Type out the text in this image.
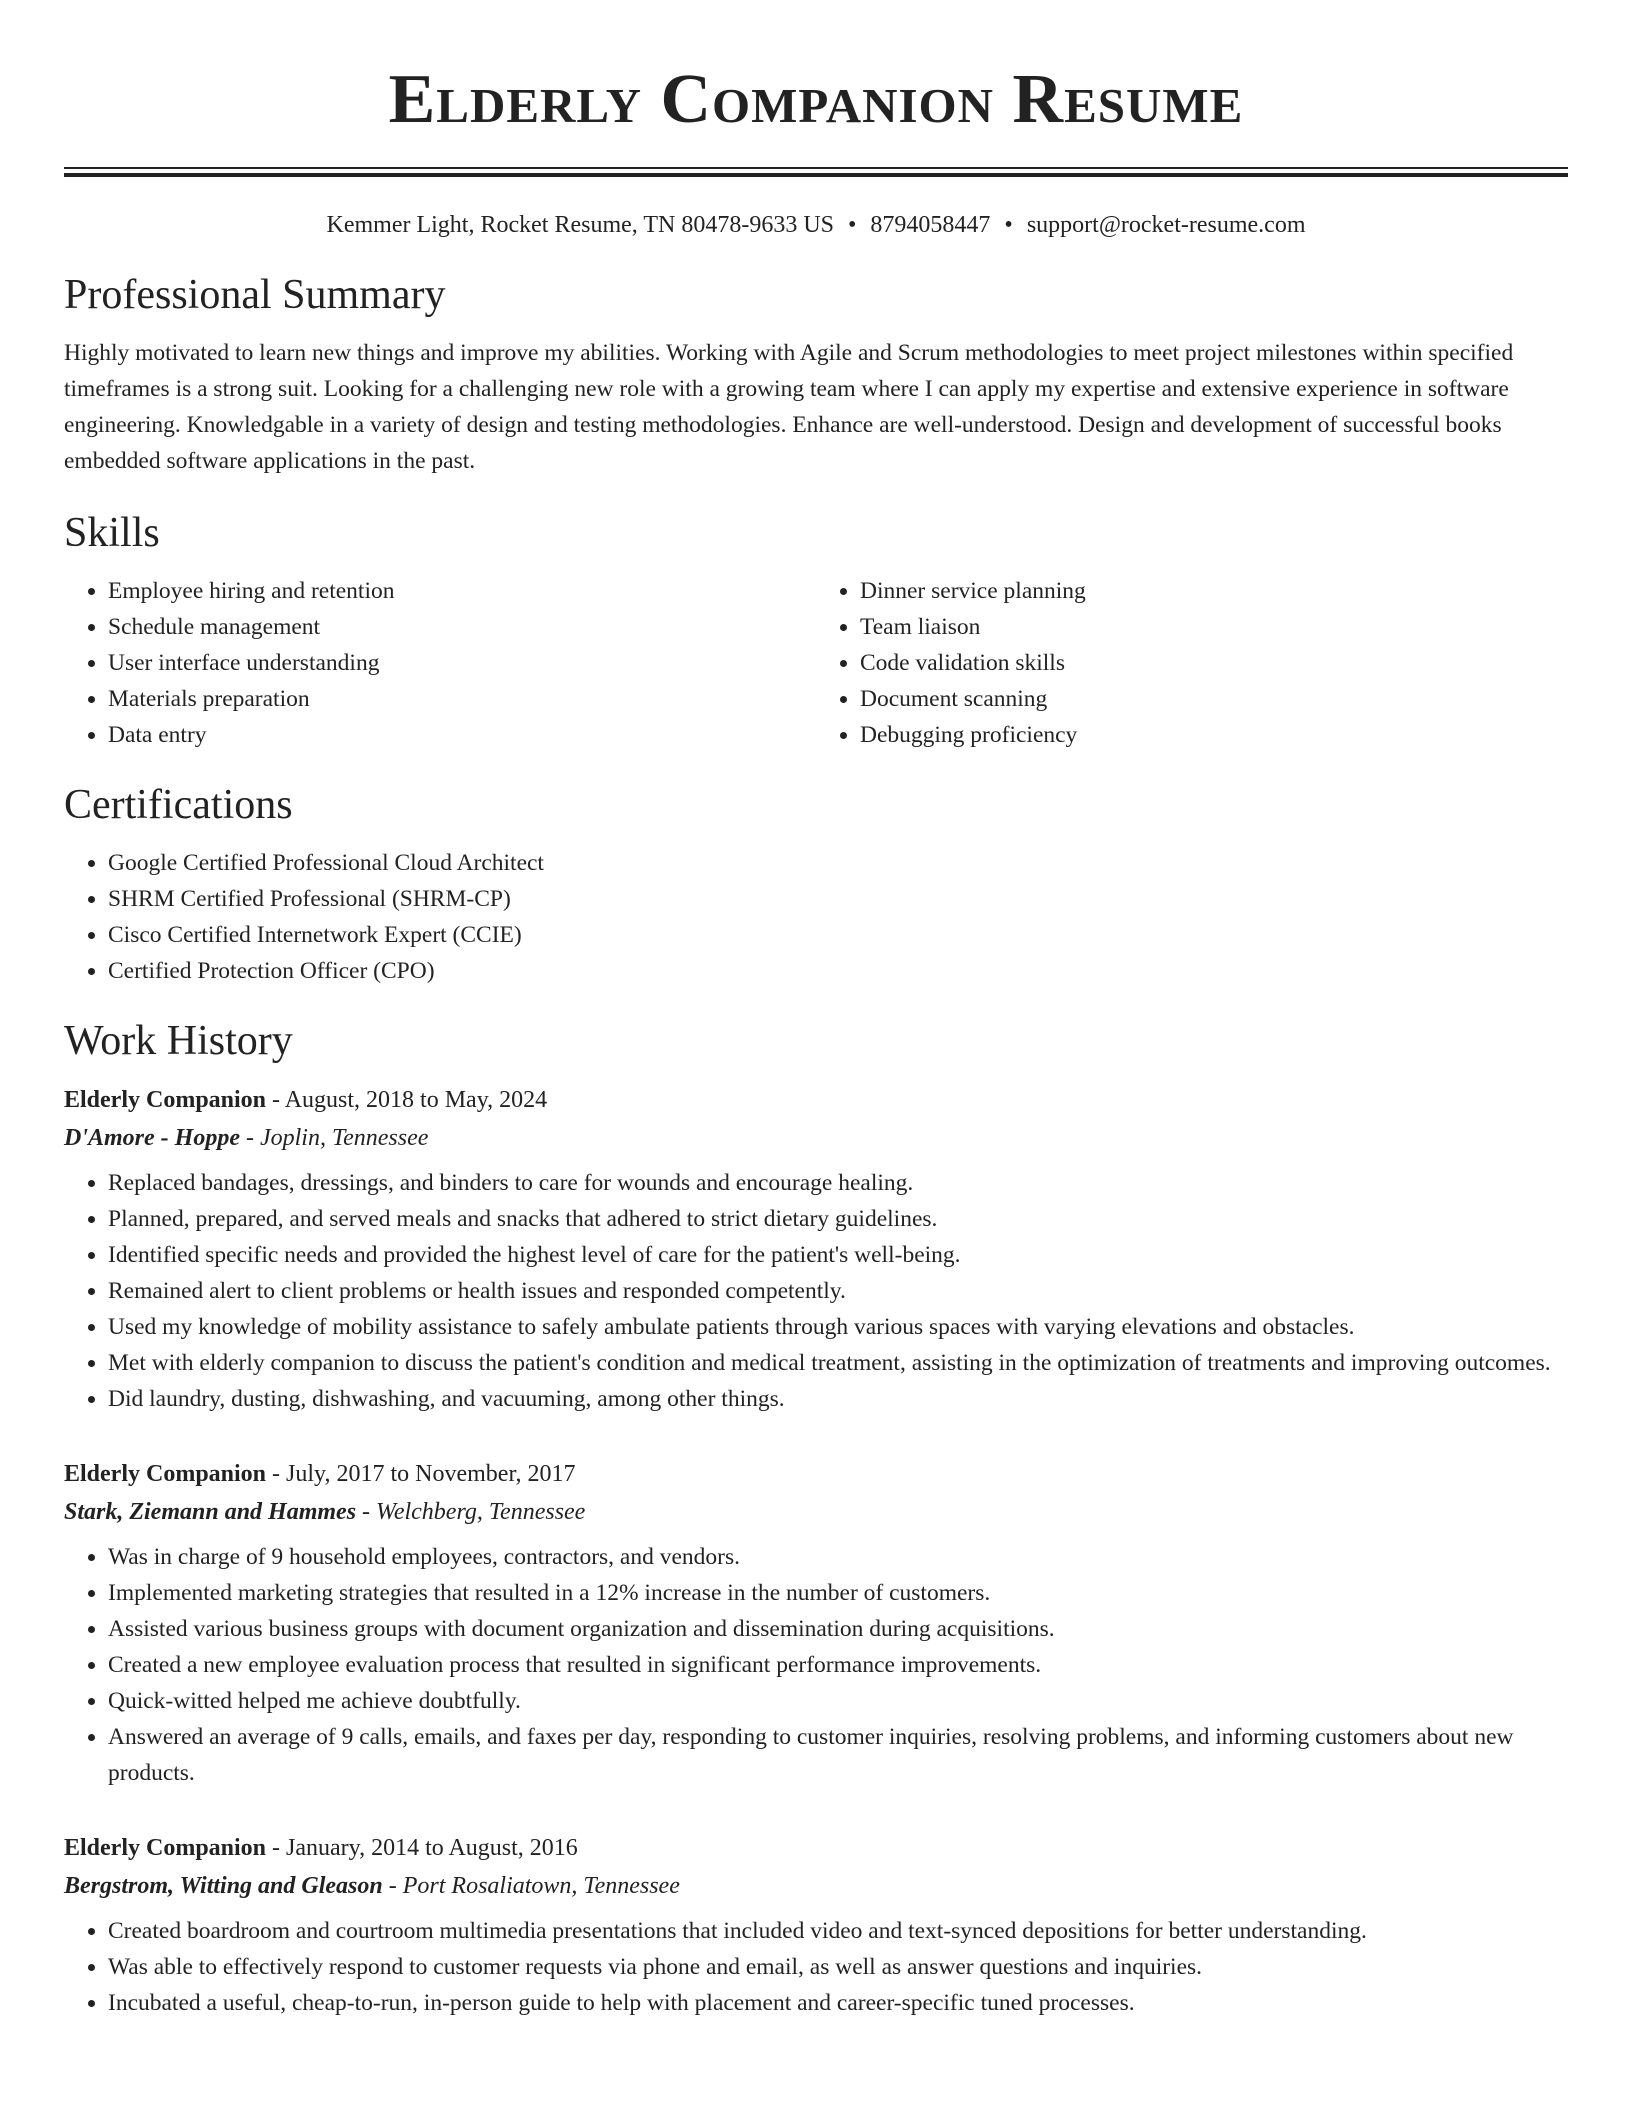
Elderly Companion Resume
Kemmer Light, Rocket Resume, TN 80478-9633 US • 8794058447 • support@rocket-resume.com
Professional Summary

Highly motivated to learn new things and improve my abilities. Working with Agile and Scrum methodologies to meet project milestones within specified timeframes is a strong suit. Looking for a challenging new role with a growing team where I can apply my expertise and extensive experience in software engineering. Knowledgable in a variety of design and testing methodologies. Enhance are well-understood. Design and development of successful books embedded software applications in the past.

Skills
• Employee hiring and retention
• Schedule management
• User interface understanding
• Materials preparation
• Data entry
• Dinner service planning
• Team liaison
• Code validation skills
• Document scanning
• Debugging proficiency
Certifications
• Google Certified Professional Cloud Architect
• SHRM Certified Professional (SHRM-CP)
• Cisco Certified Internetwork Expert (CCIE)
• Certified Protection Officer (CPO)
Work History
Elderly Companion - August, 2018 to May, 2024
D'Amore - Hoppe - Joplin, Tennessee
• Replaced bandages, dressings, and binders to care for wounds and encourage healing.
• Planned, prepared, and served meals and snacks that adhered to strict dietary guidelines.
• Identified specific needs and provided the highest level of care for the patient's well-being.
• Remained alert to client problems or health issues and responded competently.
• Used my knowledge of mobility assistance to safely ambulate patients through various spaces with varying elevations and obstacles.
• Met with elderly companion to discuss the patient's condition and medical treatment, assisting in the optimization of treatments and improving outcomes.
• Did laundry, dusting, dishwashing, and vacuuming, among other things.
Elderly Companion - July, 2017 to November, 2017
Stark, Ziemann and Hammes - Welchberg, Tennessee
• Was in charge of 9 household employees, contractors, and vendors.
• Implemented marketing strategies that resulted in a 12% increase in the number of customers.
• Assisted various business groups with document organization and dissemination during acquisitions.
• Created a new employee evaluation process that resulted in significant performance improvements.
• Quick-witted helped me achieve doubtfully.
• Answered an average of 9 calls, emails, and faxes per day, responding to customer inquiries, resolving problems, and informing customers about new products.
Elderly Companion - January, 2014 to August, 2016
Bergstrom, Witting and Gleason - Port Rosaliatown, Tennessee
• Created boardroom and courtroom multimedia presentations that included video and text-synced depositions for better understanding.
• Was able to effectively respond to customer requests via phone and email, as well as answer questions and inquiries.
• Incubated a useful, cheap-to-run, in-person guide to help with placement and career-specific tuned processes.
